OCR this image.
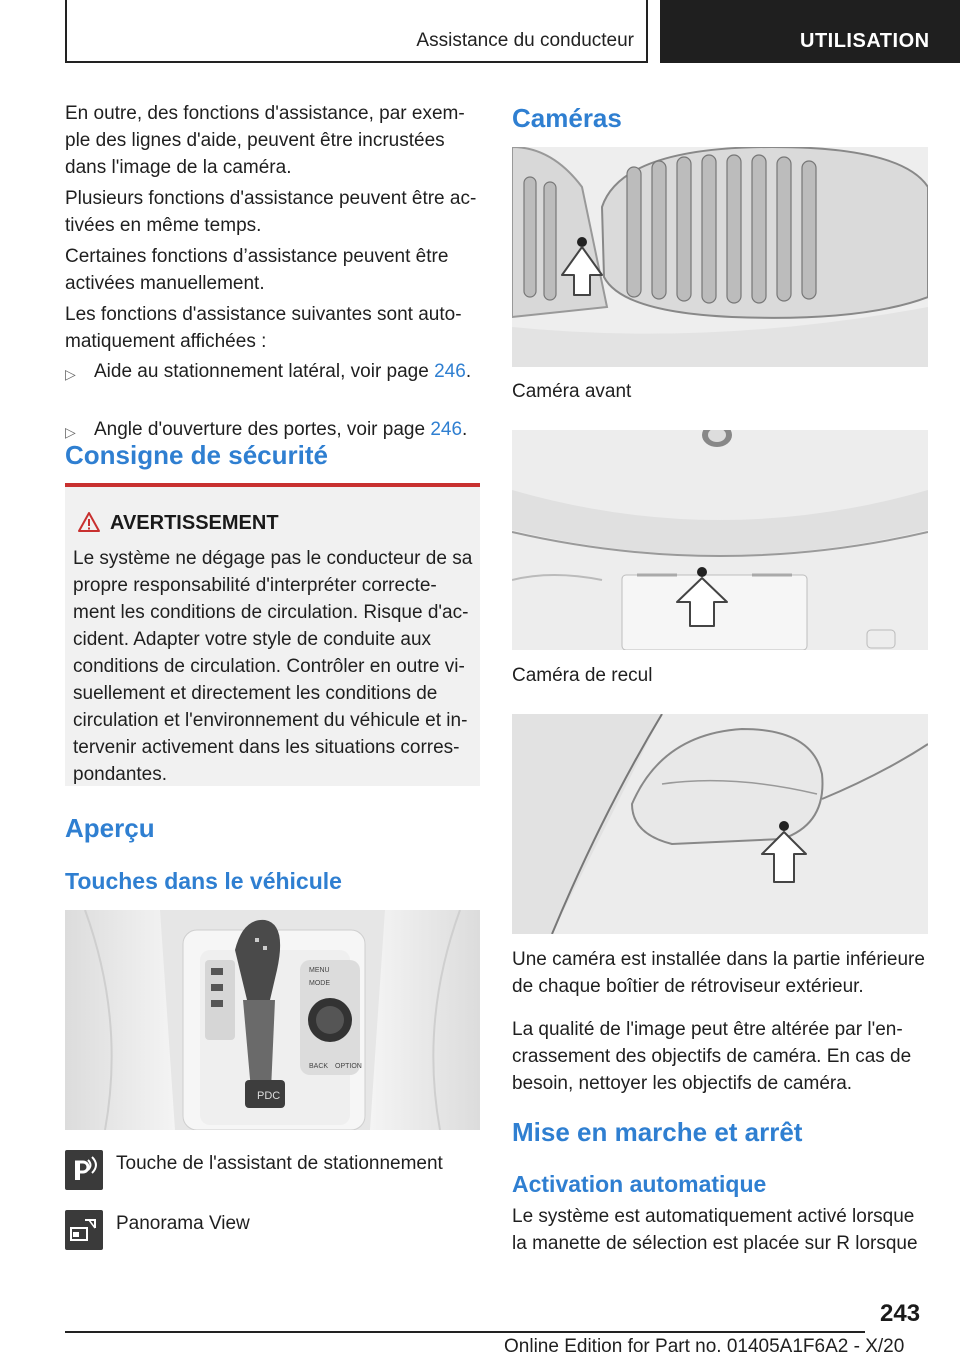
Assistance du conducteur	UTILISATION

En outre, des fonctions d'assistance, par exem-

ple des lignes d'aide, peuvent être incrustées

dans l'image de la caméra.

Plusieurs fonctions d'assistance peuvent être ac-

tivées en même temps.

Certaines fonctions d’assistance peuvent être

activées manuellement.

Les fonctions d'assistance suivantes sont auto-

matiquement affichées :

▷ Aide au stationnement latéral, voir page 246.
▷ Angle d'ouverture des portes, voir page 246.
Consigne de sécurité
AVERTISSEMENT

Le système ne dégage pas le conducteur de sa

propre responsabilité d'interpréter correcte-

ment les conditions de circulation. Risque d'ac-

cident. Adapter votre style de conduite aux

conditions de circulation. Contrôler en outre vi-

suellement et directement les conditions de

circulation et l'environnement du véhicule et in-

tervenir activement dans les situations corres-

pondantes.

Aperçu
Touches dans le véhicule
MENU
BACK OPTION
MODE
PDC
Touche de l'assistant de stationnement
Panorama View
Caméras
Caméra avant
Caméra de recul

Une caméra est installée dans la partie inférieure

de chaque boîtier de rétroviseur extérieur.

La qualité de l'image peut être altérée par l'en-

crassement des objectifs de caméra. En cas de

besoin, nettoyer les objectifs de caméra.

Mise en marche et arrêt
Activation automatique

Le système est automatiquement activé lorsque

la manette de sélection est placée sur R lorsque

243
Online Edition for Part no. 01405A1F6A2 - X/20
